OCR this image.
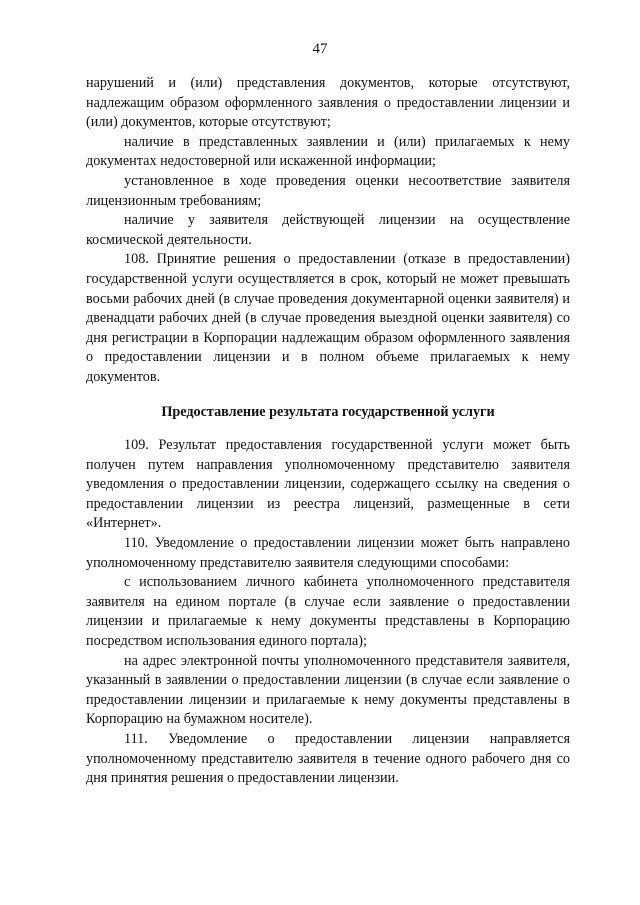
47

нарушений и (или) представления документов, которые отсутствуют, надлежащим образом оформленного заявления о предоставлении лицензии и (или) документов, которые отсутствуют;

наличие в представленных заявлении и (или) прилагаемых к нему документах недостоверной или искаженной информации;

установленное в ходе проведения оценки несоответствие заявителя лицензионным требованиям;

наличие у заявителя действующей лицензии на осуществление космической деятельности.

108. Принятие решения о предоставлении (отказе в предоставлении) государственной услуги осуществляется в срок, который не может превышать восьми рабочих дней (в случае проведения документарной оценки заявителя) и двенадцати рабочих дней (в случае проведения выездной оценки заявителя) со дня регистрации в Корпорации надлежащим образом оформленного заявления о предоставлении лицензии и в полном объеме прилагаемых к нему документов.

Предоставление результата государственной услуги

109. Результат предоставления государственной услуги может быть получен путем направления уполномоченному представителю заявителя уведомления о предоставлении лицензии, содержащего ссылку на сведения о предоставлении лицензии из реестра лицензий, размещенные в сети «Интернет».

110. Уведомление о предоставлении лицензии может быть направлено уполномоченному представителю заявителя следующими способами:

с использованием личного кабинета уполномоченного представителя заявителя на едином портале (в случае если заявление о предоставлении лицензии и прилагаемые к нему документы представлены в Корпорацию посредством использования единого портала);

на адрес электронной почты уполномоченного представителя заявителя, указанный в заявлении о предоставлении лицензии (в случае если заявление о предоставлении лицензии и прилагаемые к нему документы представлены в Корпорацию на бумажном носителе).

111. Уведомление о предоставлении лицензии направляется уполномоченному представителю заявителя в течение одного рабочего дня со дня принятия решения о предоставлении лицензии.
